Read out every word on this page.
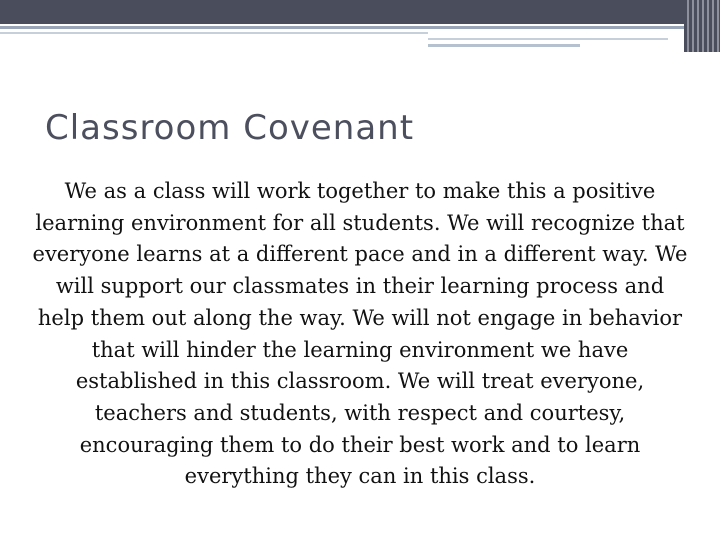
Classroom Covenant

We as a class will work together to make this a positive learning environment for all students. We will recognize that everyone learns at a different pace and in a different way. We will support our classmates in their learning process and help them out along the way. We will not engage in behavior that will hinder the learning environment we have established in this classroom. We will treat everyone, teachers and students, with respect and courtesy, encouraging them to do their best work and to learn everything they can in this class.
